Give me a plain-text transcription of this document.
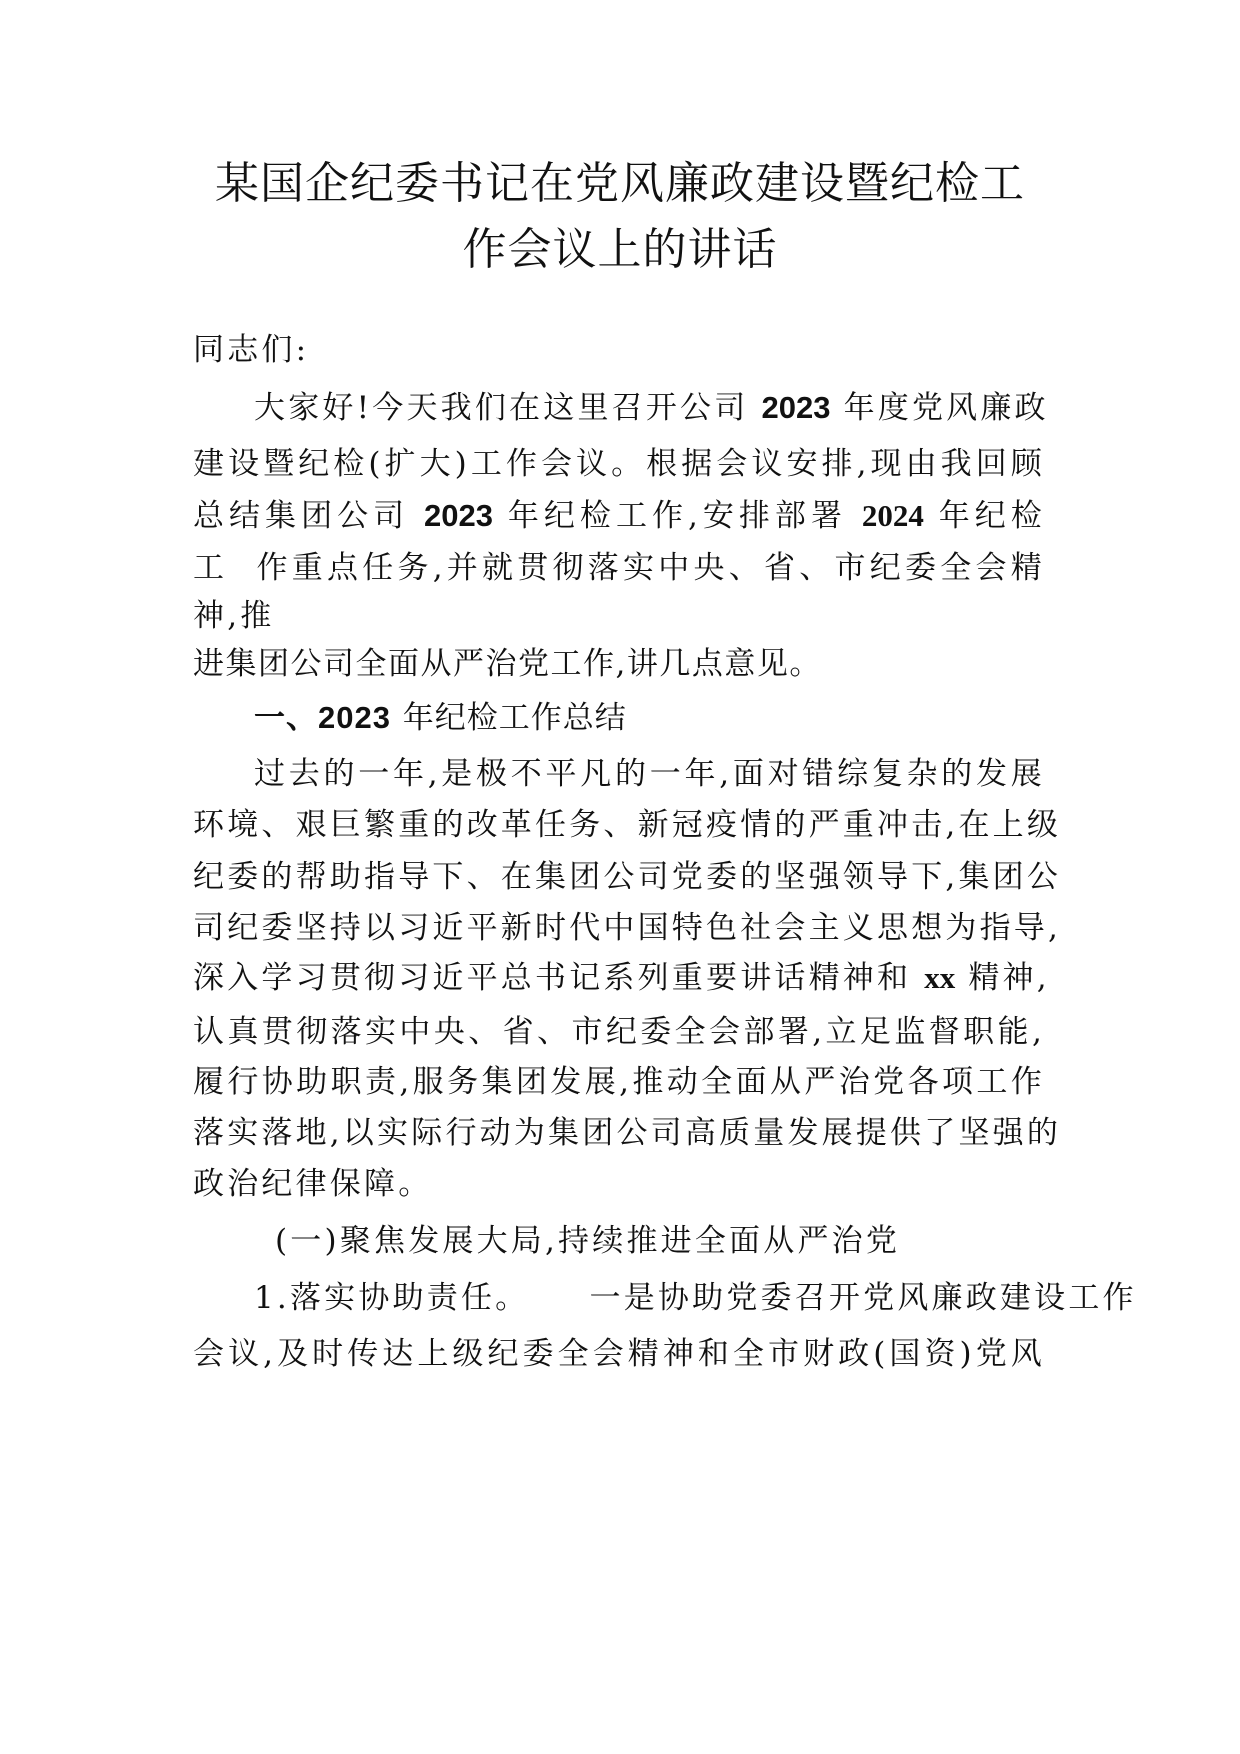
某国企纪委书记在党风廉政建设暨纪检工
作会议上的讲话
同志们:
大家好!今天我们在这里召开公司 2023 年度党风廉政
建设暨纪检(扩大)工作会议。根据会议安排,现由我回顾
总结集团公司 2023 年纪检工作,安排部署 2024 年纪检
工  作重点任务,并就贯彻落实中央、省、市纪委全会精
神,推
进集团公司全面从严治党工作,讲几点意见。
一、2023 年纪检工作总结
过去的一年,是极不平凡的一年,面对错综复杂的发展
环境、艰巨繁重的改革任务、新冠疫情的严重冲击,在上级
纪委的帮助指导下、在集团公司党委的坚强领导下,集团公
司纪委坚持以习近平新时代中国特色社会主义思想为指导,
深入学习贯彻习近平总书记系列重要讲话精神和 xx 精神,
认真贯彻落实中央、省、市纪委全会部署,立足监督职能,
履行协助职责,服务集团发展,推动全面从严治党各项工作
落实落地,以实际行动为集团公司高质量发展提供了坚强的
政治纪律保障。
(一)聚焦发展大局,持续推进全面从严治党
1.落实协助责任。 一是协助党委召开党风廉政建设工作
会议,及时传达上级纪委全会精神和全市财政(国资)党风
